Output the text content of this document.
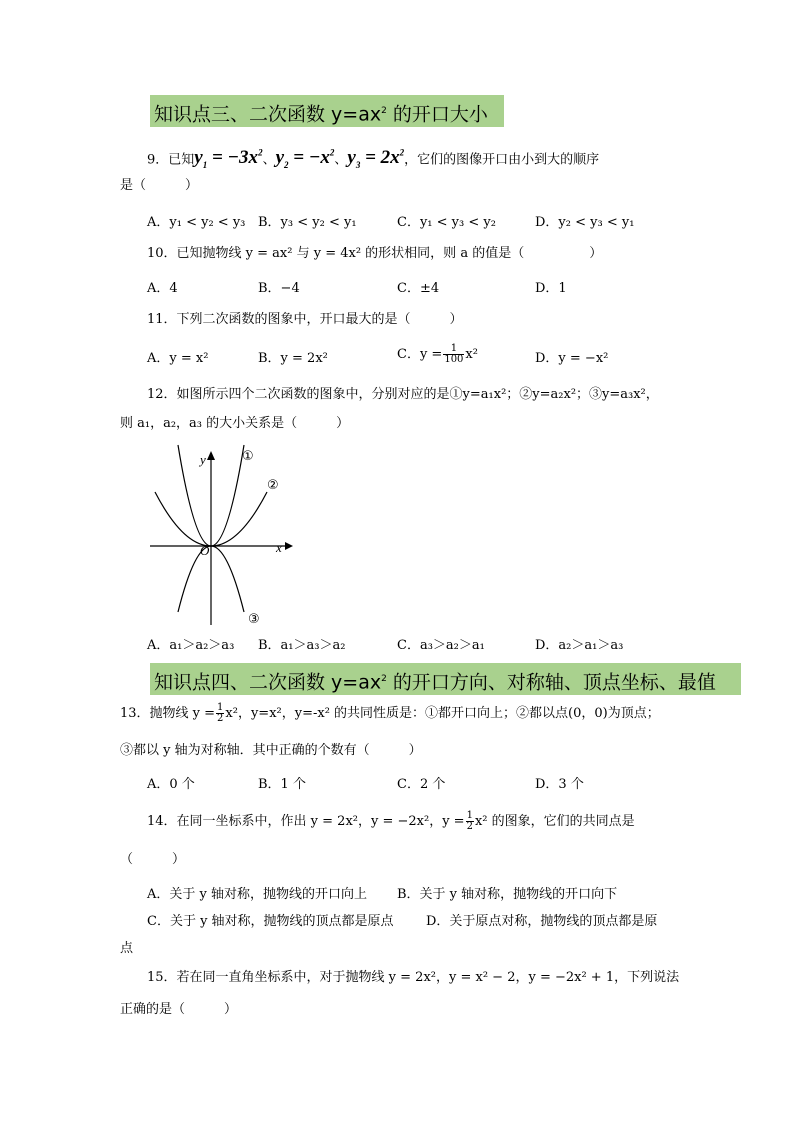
知识点三、二次函数 $y=ax^2$ 的开口大小
9．已知$y_1 = -3x^2$、$y_2 = -x^2$、$y_3 = 2x^2$，它们的图像开口由小到大的顺序
是（　　　）
A．y₁ < y₂ < y₃ B．y₃ < y₂ < y₁	C．y₁ < y₃ < y₂	D．y₂ < y₃ < y₁
10．已知抛物线 y = ax² 与 y = 4x² 的形状相同，则 a 的值是（　　　　　）
A．4	B．−4	C．±4	D．1
11．下列二次函数的图象中，开口最大的是（　　　）
A．y = x²	B．y = 2x²	C．$y = \frac{1}{100} x^2$	D．y = −x²
12．如图所示四个二次函数的图象中，分别对应的是①y=a₁x²；②y=a₂x²；③y=a₃x²，
则 a₁，a₂，a₃ 的大小关系是（　　　）
y
x
O
①
②
③
A．a₁＞a₂＞a₃ B．a₁＞a₃＞a₂	C．a₃＞a₂＞a₁	D．a₂＞a₁＞a₃
知识点四、二次函数 $y=ax^2$ 的开口方向、对称轴、顶点坐标、最值
13．抛物线 $y = \frac{1}{2} x^2$，y=x²，y=-x² 的共同性质是：①都开口向上；②都以点(0，0)为顶点；
③都以 y 轴为对称轴．其中正确的个数有（　　　）
A．0 个	B．1 个	C．2 个	D．3 个
14．在同一坐标系中，作出 y = 2x²，y = −2x²，$y = \frac{1}{2} x^2$ 的图象，它们的共同点是
（　　　）
A．关于 y 轴对称，抛物线的开口向上 B．关于 y 轴对称，抛物线的开口向下
C．关于 y 轴对称，抛物线的顶点都是原点 D．关于原点对称，抛物线的顶点都是原
点
15．若在同一直角坐标系中，对于抛物线 y = 2x²，y = x² − 2，y = −2x² + 1，下列说法
正确的是（　　　）
